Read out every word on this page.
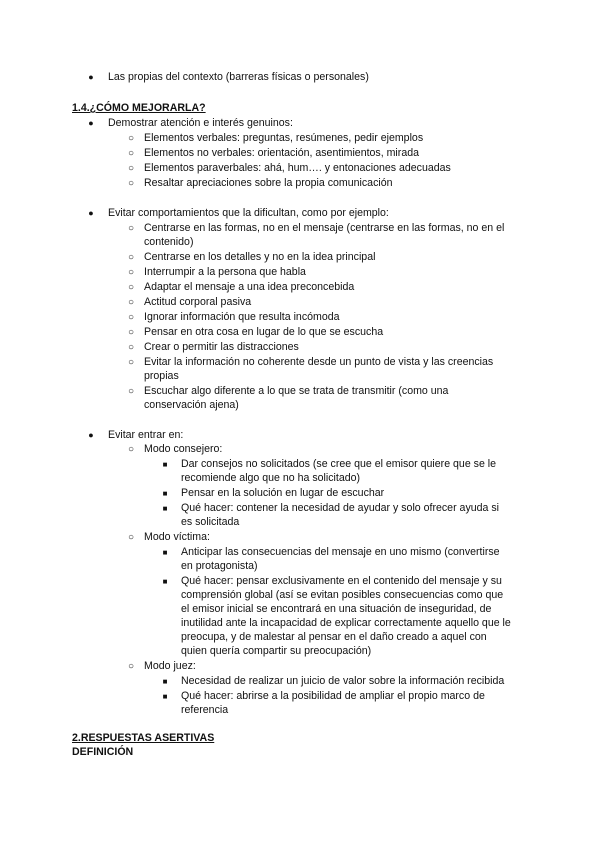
● Las propias del contexto (barreras físicas o personales)
1.4.¿CÓMO MEJORARLA?
● Demostrar atención e interés genuinos:
○ Elementos verbales: preguntas, resúmenes, pedir ejemplos
○ Elementos no verbales: orientación, asentimientos, mirada
○ Elementos paraverbales: ahá, hum…. y entonaciones adecuadas
○ Resaltar apreciaciones sobre la propia comunicación
● Evitar comportamientos que la dificultan, como por ejemplo:
○ Centrarse en las formas, no en el mensaje (centrarse en las formas, no en el
contenido)
○ Centrarse en los detalles y no en la idea principal
○ Interrumpir a la persona que habla
○ Adaptar el mensaje a una idea preconcebida
○ Actitud corporal pasiva
○ Ignorar información que resulta incómoda
○ Pensar en otra cosa en lugar de lo que se escucha
○ Crear o permitir las distracciones
○ Evitar la información no coherente desde un punto de vista y las creencias
propias
○ Escuchar algo diferente a lo que se trata de transmitir (como una
conservación ajena)
● Evitar entrar en:
○ Modo consejero:
■ Dar consejos no solicitados (se cree que el emisor quiere que se le
recomiende algo que no ha solicitado)
■ Pensar en la solución en lugar de escuchar
■ Qué hacer: contener la necesidad de ayudar y solo ofrecer ayuda si
es solicitada
○ Modo víctima:
■ Anticipar las consecuencias del mensaje en uno mismo (convertirse
en protagonista)
■ Qué hacer: pensar exclusivamente en el contenido del mensaje y su
comprensión global (así se evitan posibles consecuencias como que
el emisor inicial se encontrará en una situación de inseguridad, de
inutilidad ante la incapacidad de explicar correctamente aquello que le
preocupa, y de malestar al pensar en el daño creado a aquel con
quien quería compartir su preocupación)
○ Modo juez:
■ Necesidad de realizar un juicio de valor sobre la información recibida
■ Qué hacer: abrirse a la posibilidad de ampliar el propio marco de
referencia
2.RESPUESTAS ASERTIVAS
DEFINICIÓN
